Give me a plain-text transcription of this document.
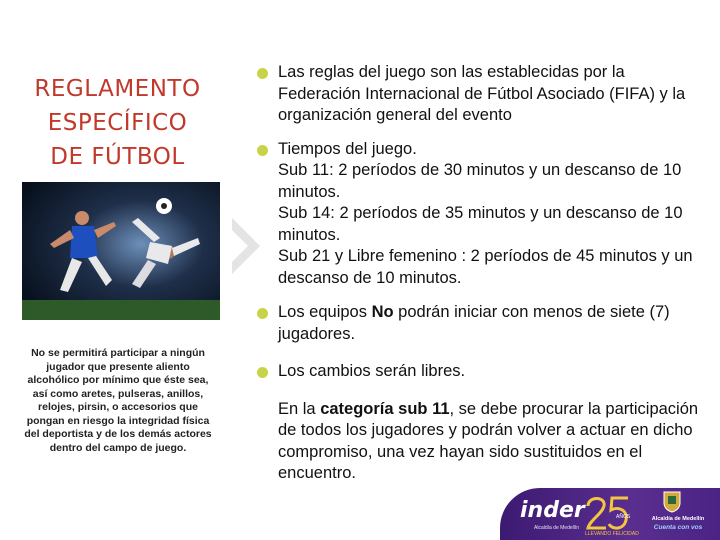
REGLAMENTO
ESPECÍFICO
DE FÚTBOL
No se permitirá participar a ningún jugador que presente aliento alcohólico por mínimo que éste sea, así como aretes, pulseras, anillos, relojes, pirsin, o accesorios que pongan en riesgo la integridad física del deportista y de los demás actores dentro del campo de juego.
Las reglas del juego son las establecidas por la Federación Internacional de Fútbol Asociado (FIFA) y la organización general del evento
Tiempos del juego.
Sub 11: 2 períodos de 30 minutos y un descanso de 10 minutos.
Sub 14: 2 períodos de 35 minutos y un descanso de 10 minutos.
Sub 21 y Libre femenino : 2 períodos de 45 minutos y un descanso de 10 minutos.
Los equipos No podrán iniciar con menos de siete (7) jugadores.
Los cambios serán libres.
En la categoría sub 11, se debe procurar la participación de todos los jugadores y podrán volver a actuar en dicho compromiso, una vez hayan sido sustituidos en el encuentro.
inder
Alcaldía de Medellín
AÑOS
LLEVANDO FELICIDAD
Alcaldía de Medellín
Cuenta con vos
